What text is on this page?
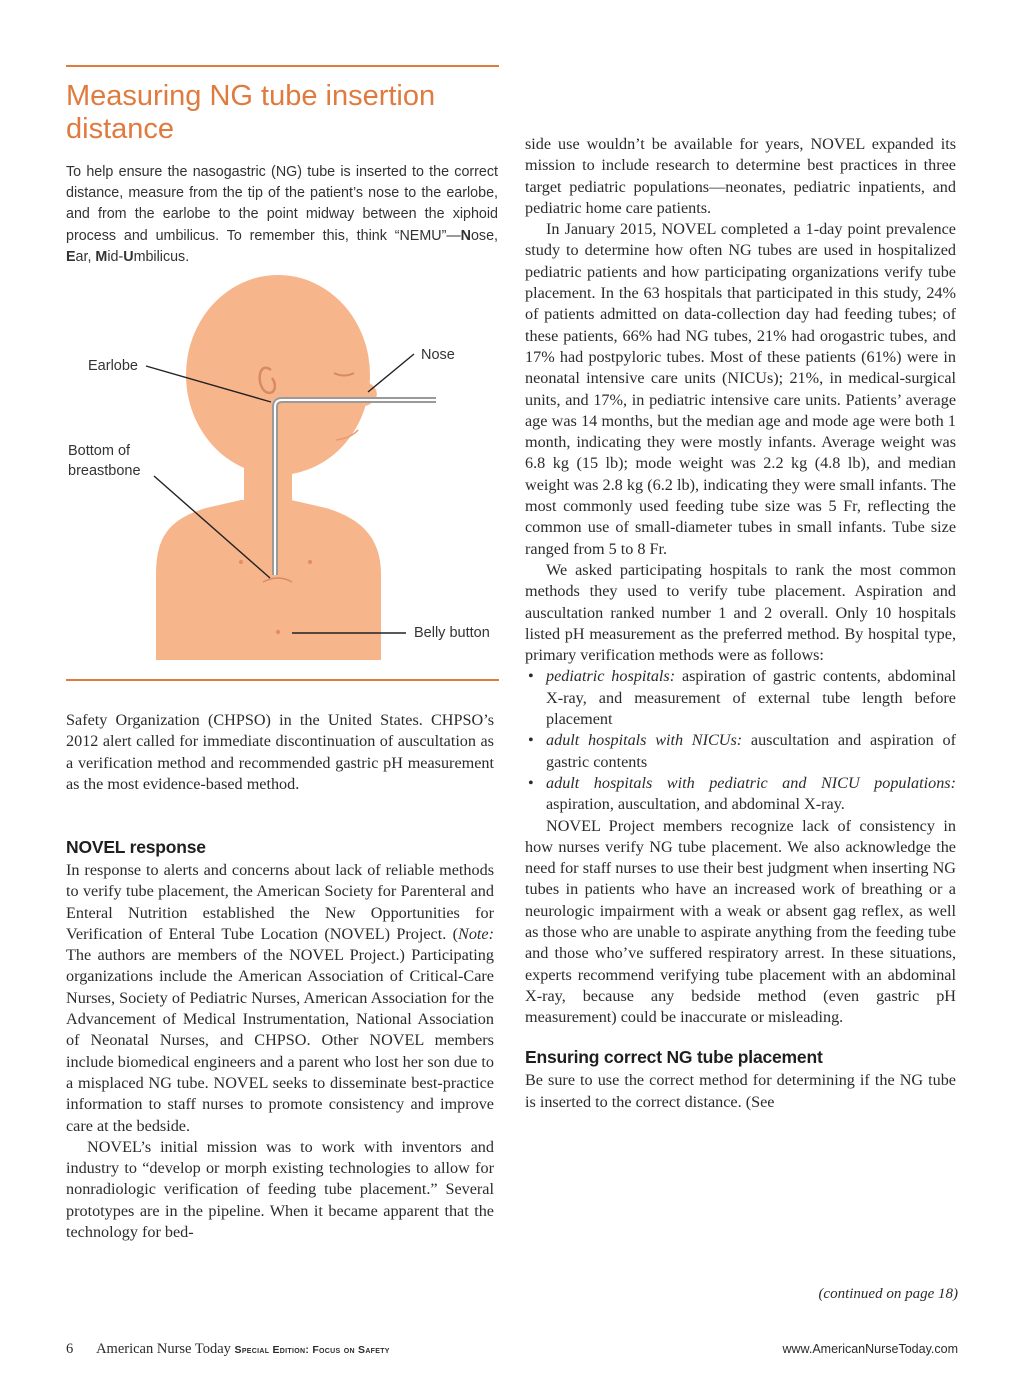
Measuring NG tube insertion distance

To help ensure the nasogastric (NG) tube is inserted to the correct distance, measure from the tip of the patient’s nose to the earlobe, and from the earlobe to the point midway between the xiphoid process and umbilicus. To remember this, think “NEMU”—Nose, Ear, Mid-Umbilicus.

Earlobe
Nose
Bottom of
breastbone
Belly button

Safety Organization (CHPSO) in the United States. CHPSO’s 2012 alert called for immediate discontinuation of auscultation as a verification method and recommended gastric pH measurement as the most evidence-based method.

NOVEL response

In response to alerts and concerns about lack of reliable methods to verify tube placement, the American Society for Parenteral and Enteral Nutrition established the New Opportunities for Verification of Enteral Tube Location (NOVEL) Project. (Note: The authors are members of the NOVEL Project.) Participating organizations include the American Association of Critical-Care Nurses, Society of Pediatric Nurses, American Association for the Advancement of Medical Instrumentation, National Association of Neonatal Nurses, and CHPSO. Other NOVEL members include biomedical engineers and a parent who lost her son due to a misplaced NG tube. NOVEL seeks to disseminate best-practice information to staff nurses to promote consistency and improve care at the bedside.

NOVEL’s initial mission was to work with inventors and industry to “develop or morph existing technologies to allow for nonradiologic verification of feeding tube placement.” Several prototypes are in the pipeline. When it became apparent that the technology for bed-

side use wouldn’t be available for years, NOVEL expanded its mission to include research to determine best practices in three target pediatric populations—neonates, pediatric inpatients, and pediatric home care patients.

In January 2015, NOVEL completed a 1-day point prevalence study to determine how often NG tubes are used in hospitalized pediatric patients and how participating organizations verify tube placement. In the 63 hospitals that participated in this study, 24% of patients admitted on data-collection day had feeding tubes; of these patients, 66% had NG tubes, 21% had orogastric tubes, and 17% had postpyloric tubes. Most of these patients (61%) were in neonatal intensive care units (NICUs); 21%, in medical-surgical units, and 17%, in pediatric intensive care units. Patients’ average age was 14 months, but the median age and mode age were both 1 month, indicating they were mostly infants. Average weight was 6.8 kg (15 lb); mode weight was 2.2 kg (4.8 lb), and median weight was 2.8 kg (6.2 lb), indicating they were small infants. The most commonly used feeding tube size was 5 Fr, reflecting the common use of small-diameter tubes in small infants. Tube size ranged from 5 to 8 Fr.

We asked participating hospitals to rank the most common methods they used to verify tube placement. Aspiration and auscultation ranked number 1 and 2 overall. Only 10 hospitals listed pH measurement as the preferred method. By hospital type, primary verification methods were as follows:

• pediatric hospitals: aspiration of gastric contents, abdominal X-ray, and measurement of external tube length before placement
• adult hospitals with NICUs: auscultation and aspiration of gastric contents
• adult hospitals with pediatric and NICU populations: aspiration, auscultation, and abdominal X-ray.

NOVEL Project members recognize lack of consistency in how nurses verify NG tube placement. We also acknowledge the need for staff nurses to use their best judgment when inserting NG tubes in patients who have an increased work of breathing or a neurologic impairment with a weak or absent gag reflex, as well as those who are unable to aspirate anything from the feeding tube and those who’ve suffered respiratory arrest. In these situations, experts recommend verifying tube placement with an abdominal X-ray, because any bedside method (even gastric pH measurement) could be inaccurate or misleading.

Ensuring correct NG tube placement

Be sure to use the correct method for determining if the NG tube is inserted to the correct distance. (See

(continued on page 18)
6 American Nurse Today Special Edition: Focus on Safety	www.AmericanNurseToday.com
